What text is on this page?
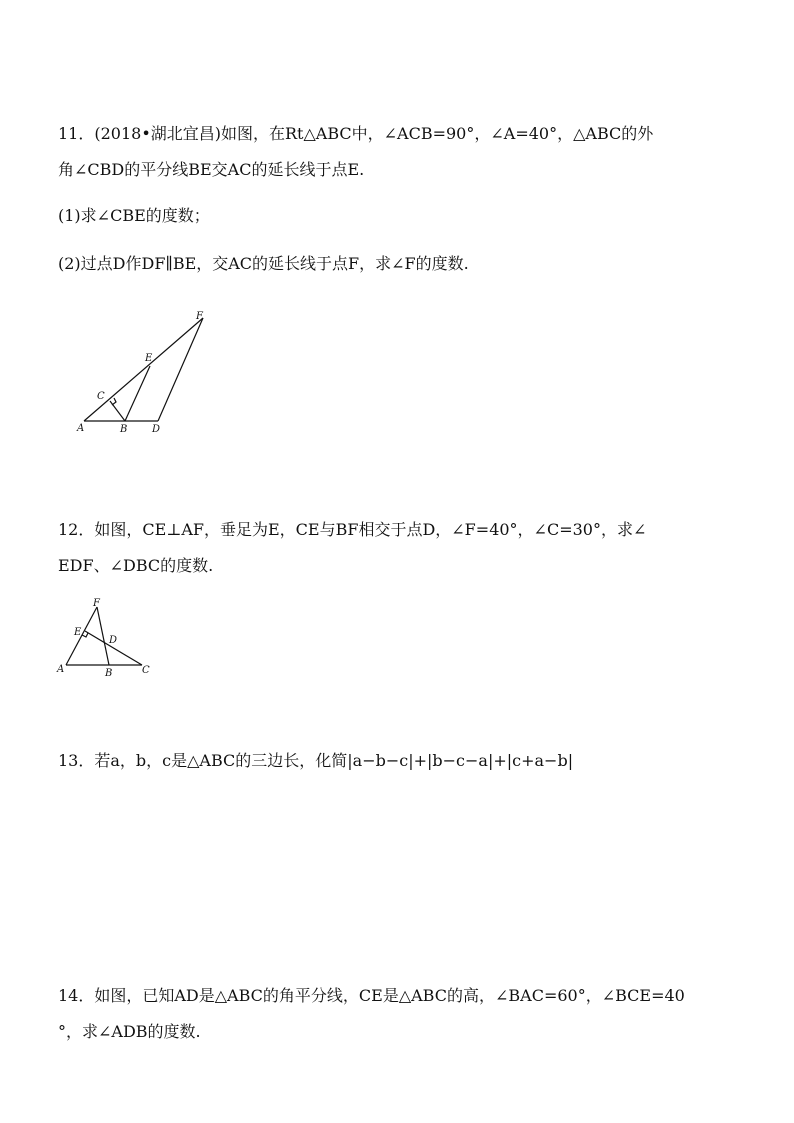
11．(2018•湖北宜昌)如图，在Rt△ABC中，∠ACB=90°，∠A=40°，△ABC的外
角∠CBD的平分线BE交AC的延长线于点E.
(1)求∠CBE的度数；
(2)过点D作DF∥BE，交AC的延长线于点F，求∠F的度数.
A	B
C
D
E
F
12．如图，CE⊥AF，垂足为E，CE与BF相交于点D，∠F=40°，∠C=30°，求∠
EDF、∠DBC的度数.
A	B	C
D
E
F
13．若a，b，c是△ABC的三边长，化简|a−b−c|+|b−c−a|+|c+a−b|
14．如图，已知AD是△ABC的角平分线，CE是△ABC的高，∠BAC=60°，∠BCE=40
°，求∠ADB的度数.
